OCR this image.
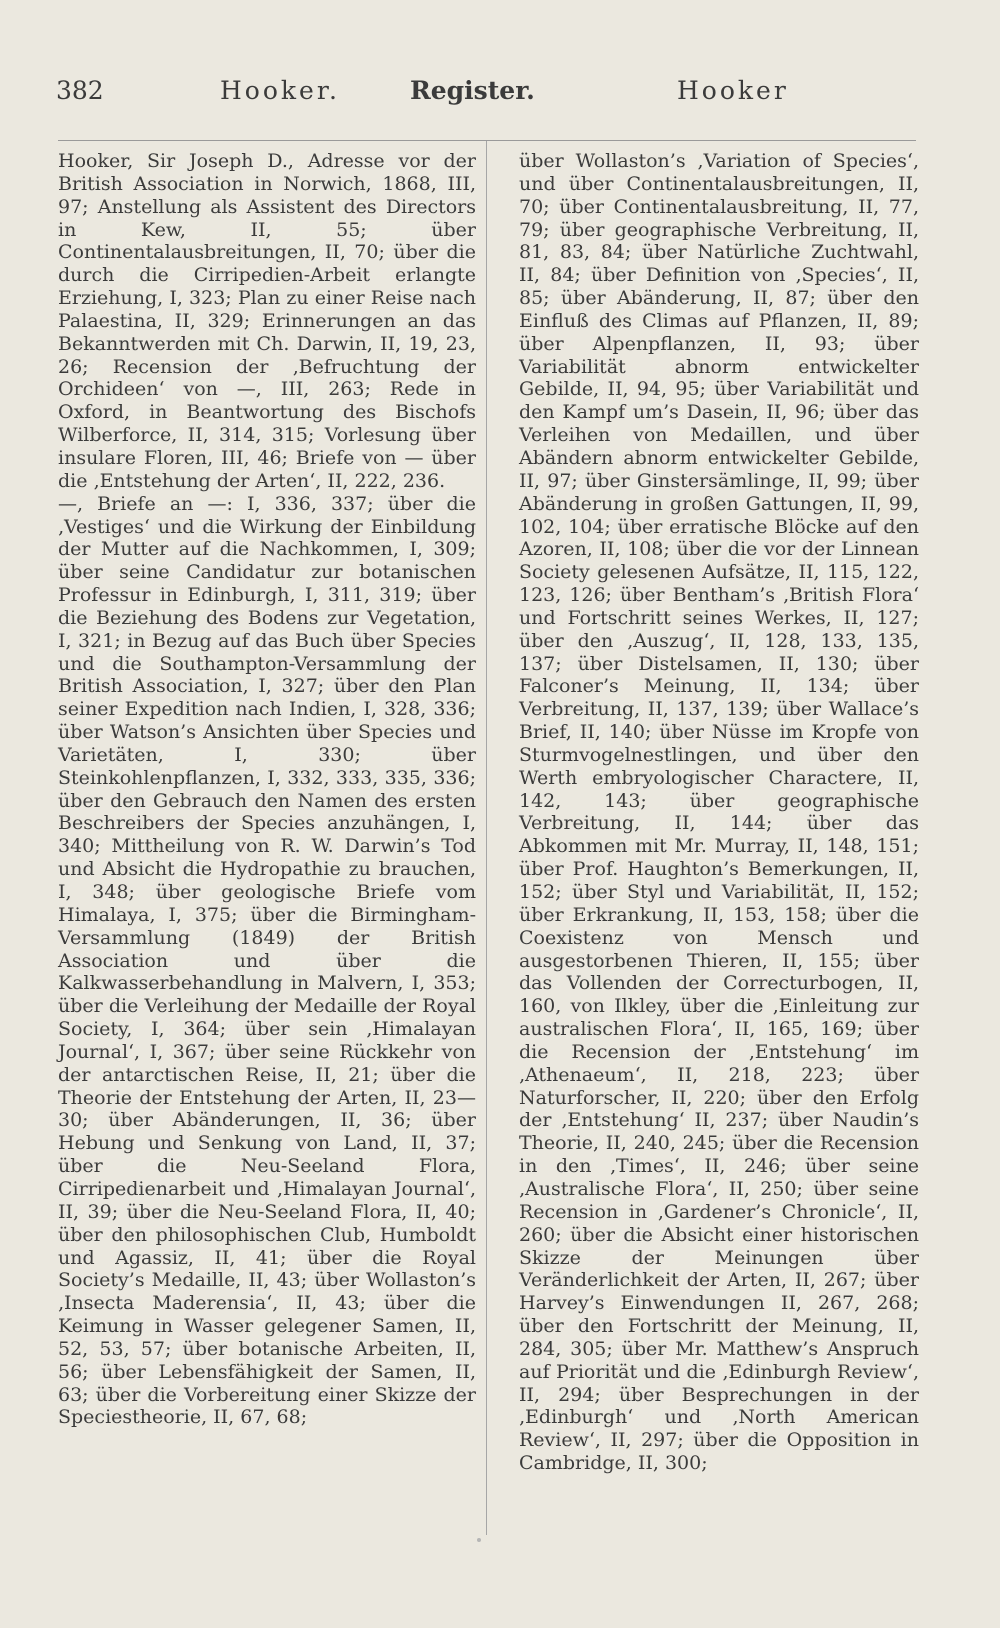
382	Hooker.	Register.	Hooker

Hooker, Sir Joseph D., Adresse vor der British Association in Norwich, 1868, III, 97; Anstellung als Assistent des Directors in Kew, II, 55; über Continentalausbreitungen, II, 70; über die durch die Cirripedien-Arbeit erlangte Erziehung, I, 323; Plan zu einer Reise nach Palaestina, II, 329; Erinnerungen an das Bekanntwerden mit Ch. Darwin, II, 19, 23, 26; Recension der ‚Befruchtung der Orchideen‘ von —, III, 263; Rede in Oxford, in Beantwortung des Bischofs Wilberforce, II, 314, 315; Vorlesung über insulare Floren, III, 46; Briefe von — über die ‚Entstehung der Arten‘, II, 222, 236.

—, Briefe an —: I, 336, 337; über die ‚Vestiges‘ und die Wirkung der Einbildung der Mutter auf die Nachkommen, I, 309; über seine Candidatur zur botanischen Professur in Edinburgh, I, 311, 319; über die Beziehung des Bodens zur Vegetation, I, 321; in Bezug auf das Buch über Species und die Southampton-Versammlung der British Association, I, 327; über den Plan seiner Expedition nach Indien, I, 328, 336; über Watson’s Ansichten über Species und Varietäten, I, 330; über Steinkohlenpflanzen, I, 332, 333, 335, 336; über den Gebrauch den Namen des ersten Beschreibers der Species anzuhängen, I, 340; Mittheilung von R. W. Darwin’s Tod und Absicht die Hydropathie zu brauchen, I, 348; über geologische Briefe vom Himalaya, I, 375; über die Birmingham-Versammlung (1849) der British Association und über die Kalkwasserbehandlung in Malvern, I, 353; über die Verleihung der Medaille der Royal Society, I, 364; über sein ‚Himalayan Journal‘, I, 367; über seine Rückkehr von der antarctischen Reise, II, 21; über die Theorie der Entstehung der Arten, II, 23—30; über Abänderungen, II, 36; über Hebung und Senkung von Land, II, 37; über die Neu-Seeland Flora, Cirripedienarbeit und ‚Himalayan Journal‘, II, 39; über die Neu-Seeland Flora, II, 40; über den philosophischen Club, Humboldt und Agassiz, II, 41; über die Royal Society’s Medaille, II, 43; über Wollaston’s ‚Insecta Maderensia‘, II, 43; über die Keimung in Wasser gelegener Samen, II, 52, 53, 57; über botanische Arbeiten, II, 56; über Lebensfähigkeit der Samen, II, 63; über die Vorbereitung einer Skizze der Speciestheorie, II, 67, 68;

über Wollaston’s ‚Variation of Species‘, und über Continentalausbreitungen, II, 70; über Continentalausbreitung, II, 77, 79; über geographische Verbreitung, II, 81, 83, 84; über Natürliche Zuchtwahl, II, 84; über Definition von ‚Species‘, II, 85; über Abänderung, II, 87; über den Einfluß des Climas auf Pflanzen, II, 89; über Alpenpflanzen, II, 93; über Variabilität abnorm entwickelter Gebilde, II, 94, 95; über Variabilität und den Kampf um’s Dasein, II, 96; über das Verleihen von Medaillen, und über Abändern abnorm entwickelter Gebilde, II, 97; über Ginstersämlinge, II, 99; über Abänderung in großen Gattungen, II, 99, 102, 104; über erratische Blöcke auf den Azoren, II, 108; über die vor der Linnean Society gelesenen Aufsätze, II, 115, 122, 123, 126; über Bentham’s ‚British Flora‘ und Fortschritt seines Werkes, II, 127; über den ‚Auszug‘, II, 128, 133, 135, 137; über Distelsamen, II, 130; über Falconer’s Meinung, II, 134; über Verbreitung, II, 137, 139; über Wallace’s Brief, II, 140; über Nüsse im Kropfe von Sturmvogelnestlingen, und über den Werth embryologischer Charactere, II, 142, 143; über geographische Verbreitung, II, 144; über das Abkommen mit Mr. Murray, II, 148, 151; über Prof. Haughton’s Bemerkungen, II, 152; über Styl und Variabilität, II, 152; über Erkrankung, II, 153, 158; über die Coexistenz von Mensch und ausgestorbenen Thieren, II, 155; über das Vollenden der Correcturbogen, II, 160, von Ilkley, über die ‚Einleitung zur australischen Flora‘, II, 165, 169; über die Recension der ‚Entstehung‘ im ‚Athenaeum‘, II, 218, 223; über Naturforscher, II, 220; über den Erfolg der ‚Entstehung‘ II, 237; über Naudin’s Theorie, II, 240, 245; über die Recension in den ‚Times‘, II, 246; über seine ‚Australische Flora‘, II, 250; über seine Recension in ‚Gardener’s Chronicle‘, II, 260; über die Absicht einer historischen Skizze der Meinungen über Veränderlichkeit der Arten, II, 267; über Harvey’s Einwendungen II, 267, 268; über den Fortschritt der Meinung, II, 284, 305; über Mr. Matthew’s Anspruch auf Priorität und die ‚Edinburgh Review‘, II, 294; über Besprechungen in der ‚Edinburgh‘ und ‚North American Review‘, II, 297; über die Opposition in Cambridge, II, 300;
